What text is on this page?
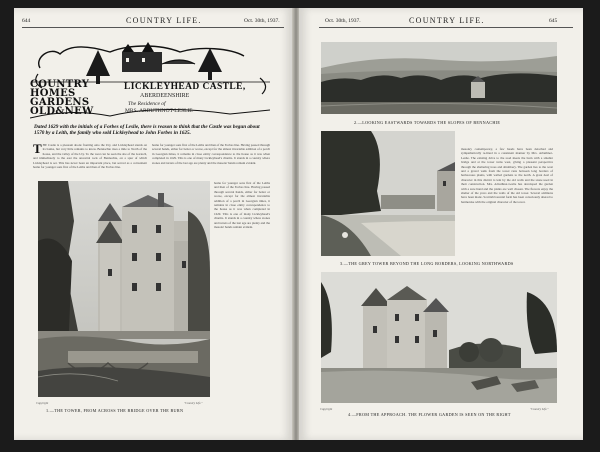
644	COUNTRY LIFE.	Oct. 30th, 1937.
COUNTRY
HOMES
GARDENS
OLD&NEW
LICKLEYHEAD CASTLE,
ABERDEENSHIRE
The Residence of
MRS. ARBUTHNOT-LESLIE
Dated 1629 with the initials of a Forbes of Leslie, there is reason to think that the Castle was begun about 1570 by a Leith, the family who sold Lickleyhead to John Forbes in 1625.
THE Castle is a pleasant abode fronting onto the Ury, and Lickleyhead stands on its banks, but very little remains to know. Bennachie rises a mile to North of the house, and the valley of the Ury. To the west can be seen the site of the Garioch, and immediately to the east the ancestral rock of Bennachie, on a spur of which Lickleyhead is set. This has never been an important place, but served as a convenient home for younger sons first of the Leiths and then of the Forbes line.
home for younger sons first of the Leiths and then of the Forbes line. Having passed through several hands, either for better or worse, except for the almost invariable addition of a porch in Georgian times, it remains in close entity correspondence to the house as it was when completed in 1629. This is one of many Lickleyhead's charms. It stands in a country where stones and turrets of the last age are plenty and the masons' hands remain evident.
Copyright	"Country Life."
1.—THE TOWER, FROM ACROSS THE BRIDGE OVER THE BURN
home for younger sons first of the Leiths and then of the Forbes line. Having passed through several hands, either for better or worse, except for the almost invariable addition of a porch in Georgian times, it remains in close entity correspondence to the house as it was when completed in 1629. This is one of many Lickleyhead's charms. It stands in a country where stones and turrets of the last age are plenty and the masons' hands remain evident.
Oct. 30th, 1937.	COUNTRY LIFE.	645
2.—LOOKING EASTWARDS TOWARDS THE SLOPES OF BENNACHIE
3.—THE GREY TOWER BEYOND THE LONG BORDERS, LOOKING NORTHWARDS
Copyright	"Country Life."
4.—FROM THE APPROACH. THE FLOWER GARDEN IS SEEN ON THE RIGHT
masonry contemporary, a few heads have been detached and sympathetically re-lined in a consistent manner by Mrs. Arbuthnot-Leslie. The existing drive to the road meets the burn with a smaller bridge and at the tower turns west, giving a pleasant perspective through the sheltering trees and shrubbery. The garden lies to the west and a gravel walk from the tower runs between long borders of herbaceous plants, with walled gardens to the north. A great deal of character in this district is lent by the old walls and the stone used in their construction. Mrs. Arbuthnot-Leslie has developed the garden with a sure hand and the plants are well chosen. The flowers enjoy the shelter of the yews and the walls of the old tower. Several additions have been made. Scottish baronial form has been consciously altered to harmonise with the original character of the tower.
